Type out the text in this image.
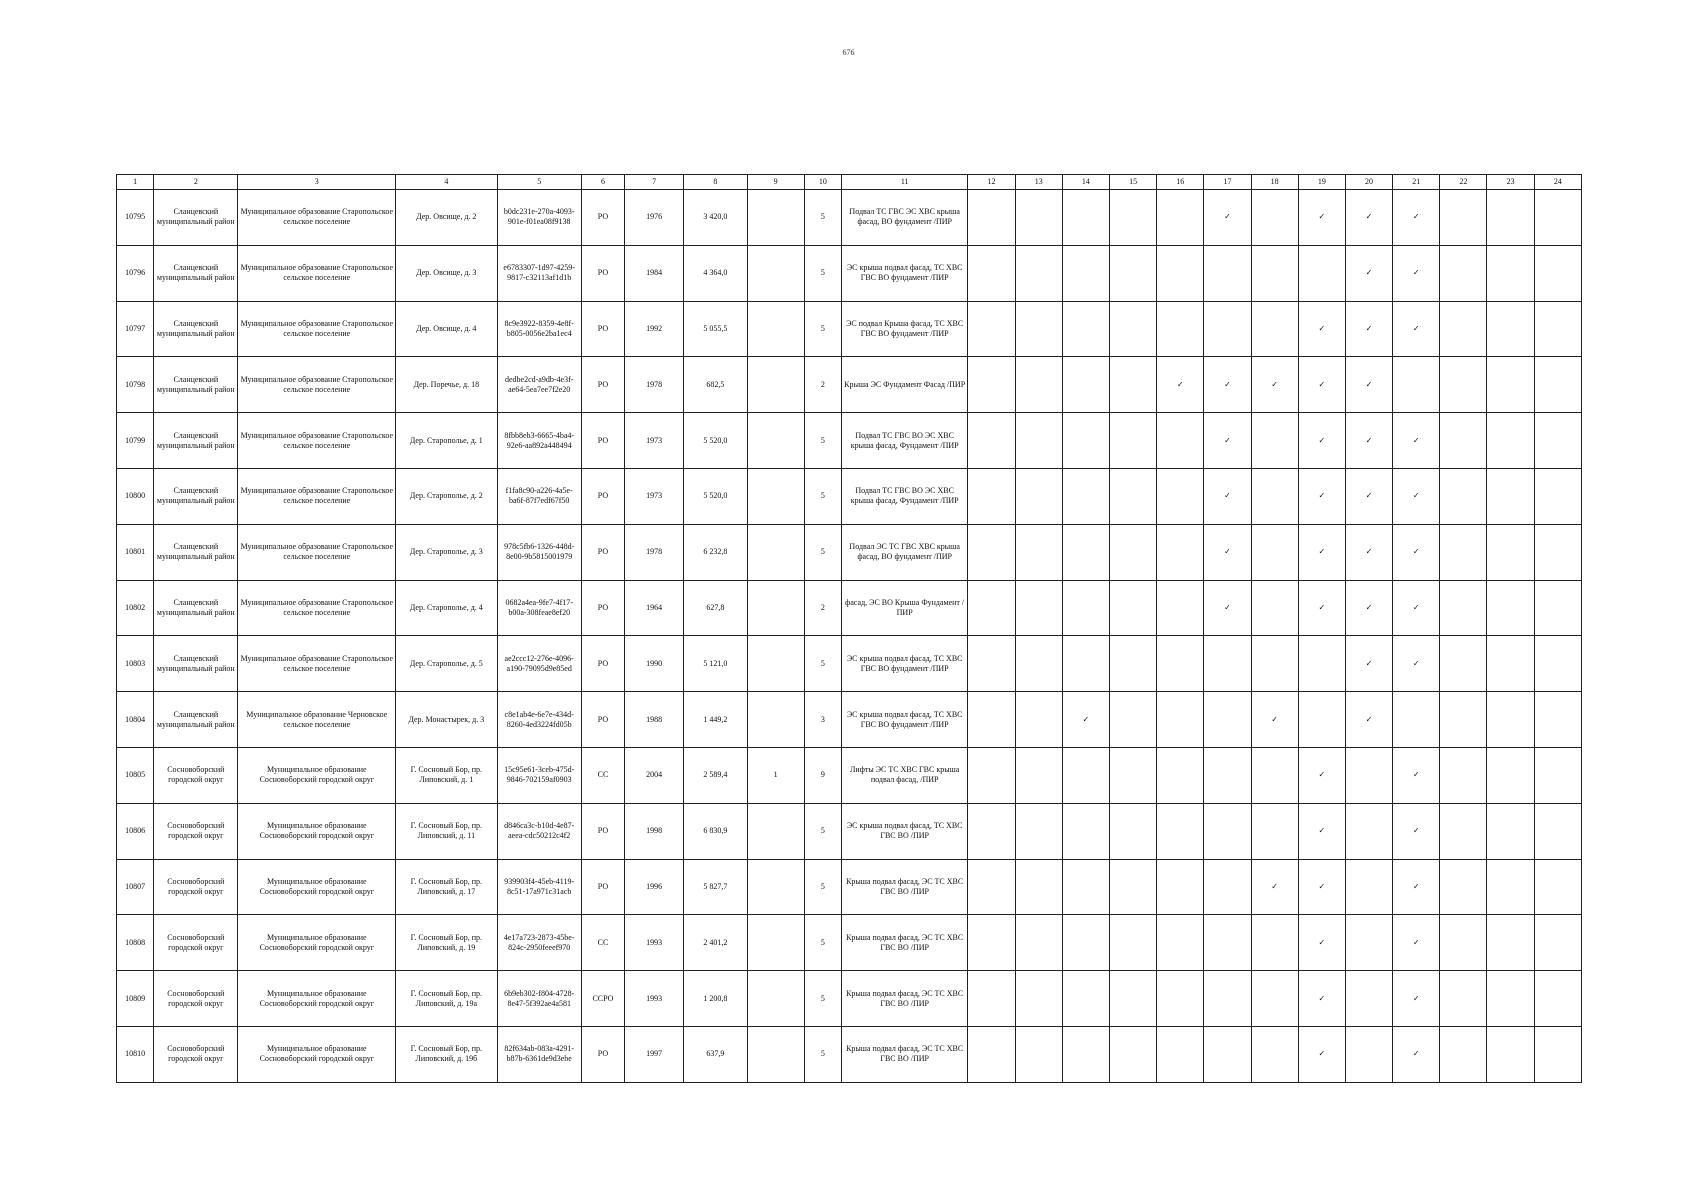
676
1	2	3	4	5	6	7	8	9	10	11	12	13	14	15	16	17	18	19	20	21	22	23	24
10795	Сланцевский муниципальный район	Муниципальное образование Старопольское сельское поселение	Дер. Овсище, д. 2	b0dc231e-270a-4093-901e-f01ea08f9138	РО	1976	3 420,0		5	Подвал ТС ГВС ЭС ХВС крыша фасад, ВО фундамент /ПИР						✓		✓	✓	✓			
10796	Сланцевский муниципальный район	Муниципальное образование Старопольское сельское поселение	Дер. Овсище, д. 3	e6783307-1d97-4259-9817-c32113af1d1b	РО	1984	4 364,0		5	ЭС крыша подвал фасад, ТС ХВС ГВС ВО фундамент /ПИР									✓	✓			
10797	Сланцевский муниципальный район	Муниципальное образование Старопольское сельское поселение	Дер. Овсище, д. 4	8c9e3922-8359-4e8f-b805-0056e2ba1ec4	РО	1992	5 055,5		5	ЭС подвал Крыша фасад, ТС ХВС ГВС ВО фундамент /ПИР								✓	✓	✓			
10798	Сланцевский муниципальный район	Муниципальное образование Старопольское сельское поселение	Дер. Поречье, д. 18	dedbe2cd-a9db-4e3f-ae64-5ea7ee7f2e20	РО	1978	682,5		2	Крыша ЭС Фундамент Фасад /ПИР					✓	✓	✓	✓	✓				
10799	Сланцевский муниципальный район	Муниципальное образование Старопольское сельское поселение	Дер. Старополье, д. 1	8fbb8eb3-6665-4ba4-92e6-aa892a448494	РО	1973	5 520,0		5	Подвал ТС ГВС ВО ЭС ХВС крыша фасад, Фундамент /ПИР						✓		✓	✓	✓			
10800	Сланцевский муниципальный район	Муниципальное образование Старопольское сельское поселение	Дер. Старополье, д. 2	f1fa8c90-a226-4a5e-ba6f-87f7edf67f50	РО	1973	5 520,0		5	Подвал ТС ГВС ВО ЭС ХВС крыша фасад, Фундамент /ПИР						✓		✓	✓	✓			
10801	Сланцевский муниципальный район	Муниципальное образование Старопольское сельское поселение	Дер. Старополье, д. 3	978c5fb6-1326-448d-8e00-9b5815001979	РО	1978	6 232,8		5	Подвал ЭС ТС ГВС ХВС крыша фасад, ВО фундамент /ПИР						✓		✓	✓	✓			
10802	Сланцевский муниципальный район	Муниципальное образование Старопольское сельское поселение	Дер. Старополье, д. 4	0682a4ea-9fe7-4f17-b00a-308feae8ef20	РО	1964	627,8		2	фасад, ЭС ВО Крыша Фундамент /ПИР						✓		✓	✓	✓			
10803	Сланцевский муниципальный район	Муниципальное образование Старопольское сельское поселение	Дер. Старополье, д. 5	ae2ccc12-276e-4096-a190-79095d9e85ed	РО	1990	5 121,0		5	ЭС крыша подвал фасад, ТС ХВС ГВС ВО фундамент /ПИР									✓	✓			
10804	Сланцевский муниципальный район	Муниципальное образование Черновское сельское поселение	Дер. Монастырек, д. 3	c8e1ab4e-6e7e-434d-8260-4ed3224fd05b	РО	1988	1 449,2		3	ЭС крыша подвал фасад, ТС ХВС ГВС ВО фундамент /ПИР			✓				✓		✓				
10805	Сосновоборский городской округ	Муниципальное образование Сосновоборский городской округ	Г. Сосновый Бор, пр. Липовский, д. 1	15c95e61-3ceb-475d-9846-702159af0903	СС	2004	2 589,4	1	9	Лифты ЭС ТС ХВС ГВС крыша подвал фасад, /ПИР								✓		✓			
10806	Сосновоборский городской округ	Муниципальное образование Сосновоборский городской округ	Г. Сосновый Бор, пр. Липовский, д. 11	d846ca3c-b10d-4e87-aeea-cdc50212c4f2	РО	1998	6 830,9		5	ЭС крыша подвал фасад, ТС ХВС ГВС ВО /ПИР								✓		✓			
10807	Сосновоборский городской округ	Муниципальное образование Сосновоборский городской округ	Г. Сосновый Бор, пр. Липовский, д. 17	939903f4-45eb-4119-8c51-17a971c31acb	РО	1996	5 827,7		5	Крыша подвал фасад, ЭС ТС ХВС ГВС ВО /ПИР							✓	✓		✓			
10808	Сосновоборский городской округ	Муниципальное образование Сосновоборский городской округ	Г. Сосновый Бор, пр. Липовский, д. 19	4e17a723-2873-45be-824c-2950feeef970	СС	1993	2 401,2		5	Крыша подвал фасад, ЭС ТС ХВС ГВС ВО /ПИР								✓		✓			
10809	Сосновоборский городской округ	Муниципальное образование Сосновоборский городской округ	Г. Сосновый Бор, пр. Липовский, д. 19а	6b9eb302-f804-4728-8e47-5f392ae4a581	ССРО	1993	1 200,8		5	Крыша подвал фасад, ЭС ТС ХВС ГВС ВО /ПИР								✓		✓			
10810	Сосновоборский городской округ	Муниципальное образование Сосновоборский городской округ	Г. Сосновый Бор, пр. Липовский, д. 19б	82f634ab-083a-4291-b87b-6361de9d3ebe	РО	1997	637,9		5	Крыша подвал фасад, ЭС ТС ХВС ГВС ВО /ПИР								✓		✓			
